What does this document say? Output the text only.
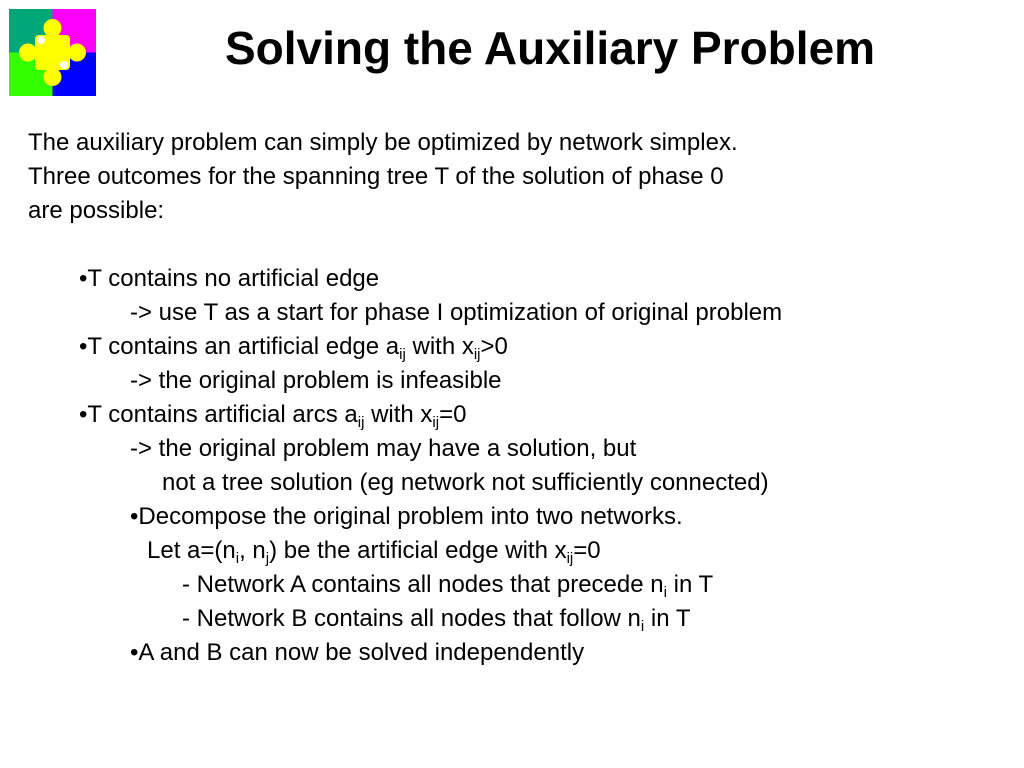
Solving the Auxiliary Problem
The auxiliary problem can simply be optimized by network simplex.
Three outcomes for the spanning tree T of the solution of phase 0
are possible:
•T contains no artificial edge
-> use T as a start for phase I optimization of original problem
•T contains an artificial edge $a_{ij}$ with $x_{ij}>0$
-> the original problem is infeasible
•T contains artificial arcs $a_{ij}$ with $x_{ij}=0$
-> the original problem may have a solution, but
not a tree solution (eg network not sufficiently connected)
•Decompose the original problem into two networks.
Let $a=(n_i$, $n_j$) be the artificial edge with $x_{ij}=0$
- Network A contains all nodes that precede $n_i$ in T
- Network B contains all nodes that follow $n_i$ in T
•A and B can now be solved independently
